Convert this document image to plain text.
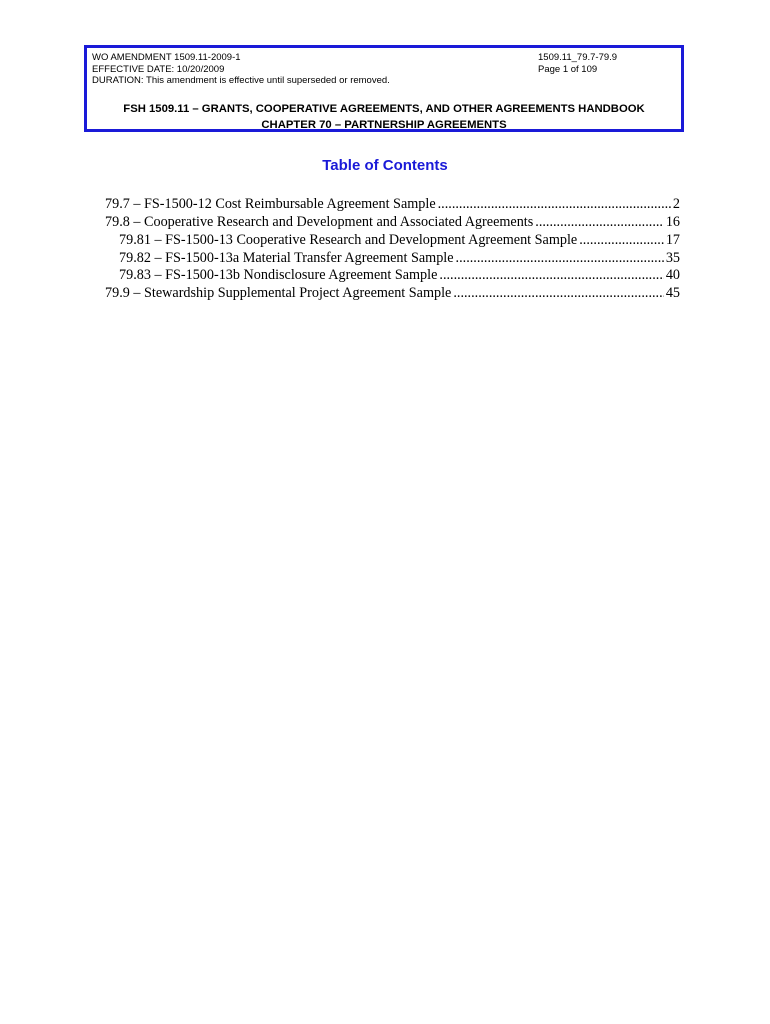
WO AMENDMENT 1509.11-2009-1
EFFECTIVE DATE: 10/20/2009
DURATION: This amendment is effective until superseded or removed.
1509.11_79.7-79.9
Page 1 of 109
FSH 1509.11 – GRANTS, COOPERATIVE AGREEMENTS, AND OTHER AGREEMENTS HANDBOOK
CHAPTER 70 – PARTNERSHIP AGREEMENTS
Table of Contents
79.7 – FS-1500-12 Cost Reimbursable Agreement Sample .....	2
79.8 – Cooperative Research and Development and Associated Agreements .....	16
79.81 – FS-1500-13 Cooperative Research and Development Agreement Sample .....	17
79.82 – FS-1500-13a Material Transfer Agreement Sample .....	35
79.83 – FS-1500-13b Nondisclosure Agreement Sample .....	40
79.9 – Stewardship Supplemental Project Agreement Sample .....	45
